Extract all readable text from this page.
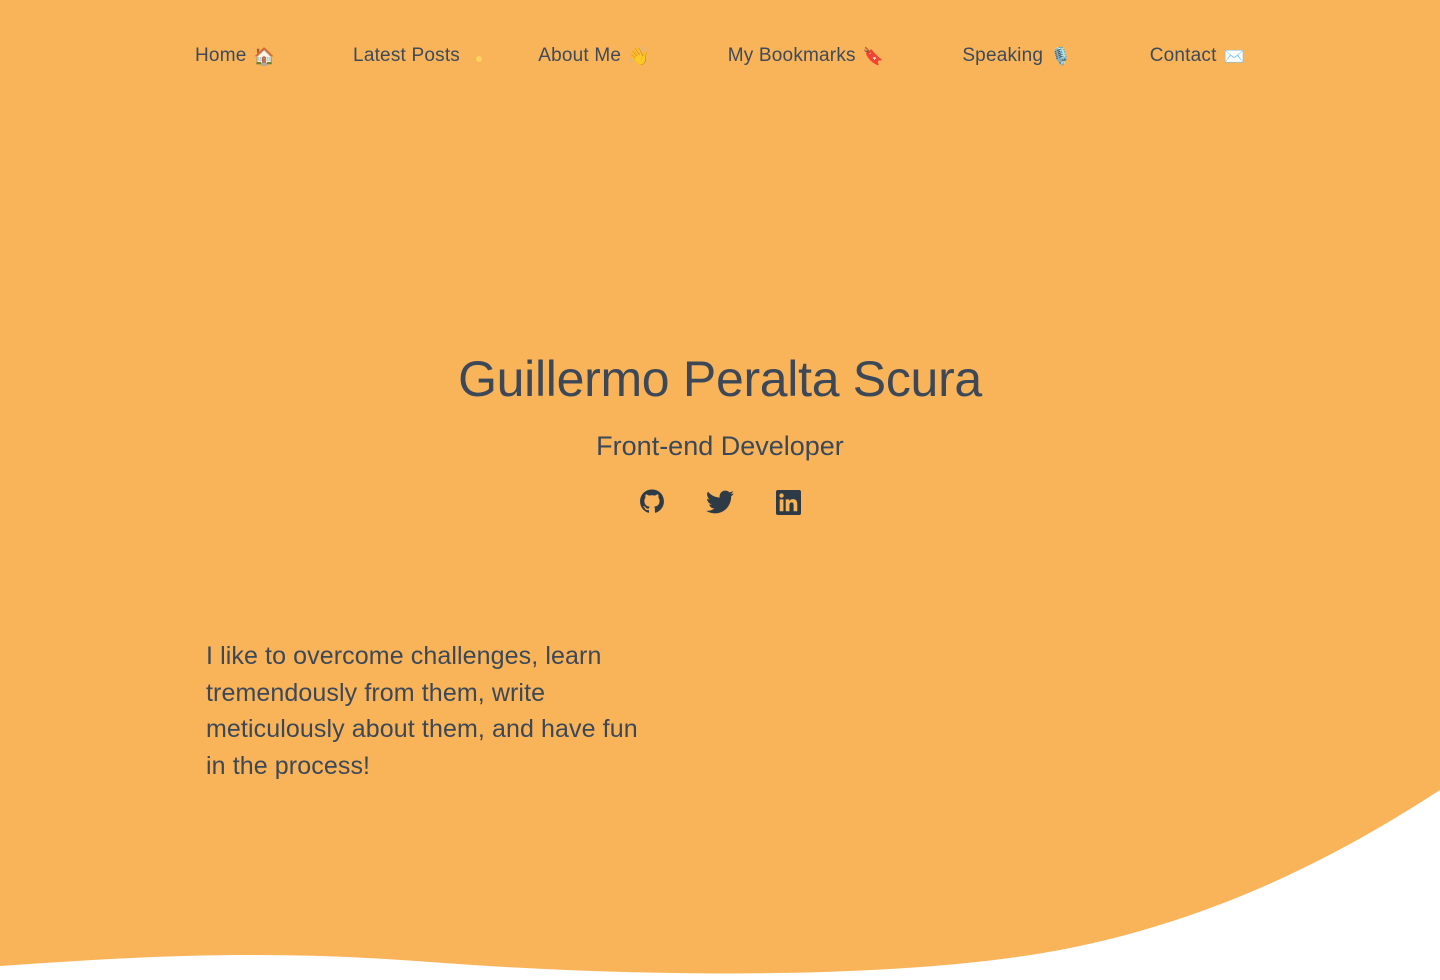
Home 🏠	Latest Posts	About Me 👋	My Bookmarks 🔖	Speaking 🎙️	Contact ✉️
Guillermo Peralta Scura

Front-end Developer

I like to overcome challenges, learn tremendously from them, write meticulously about them, and have fun in the process!
